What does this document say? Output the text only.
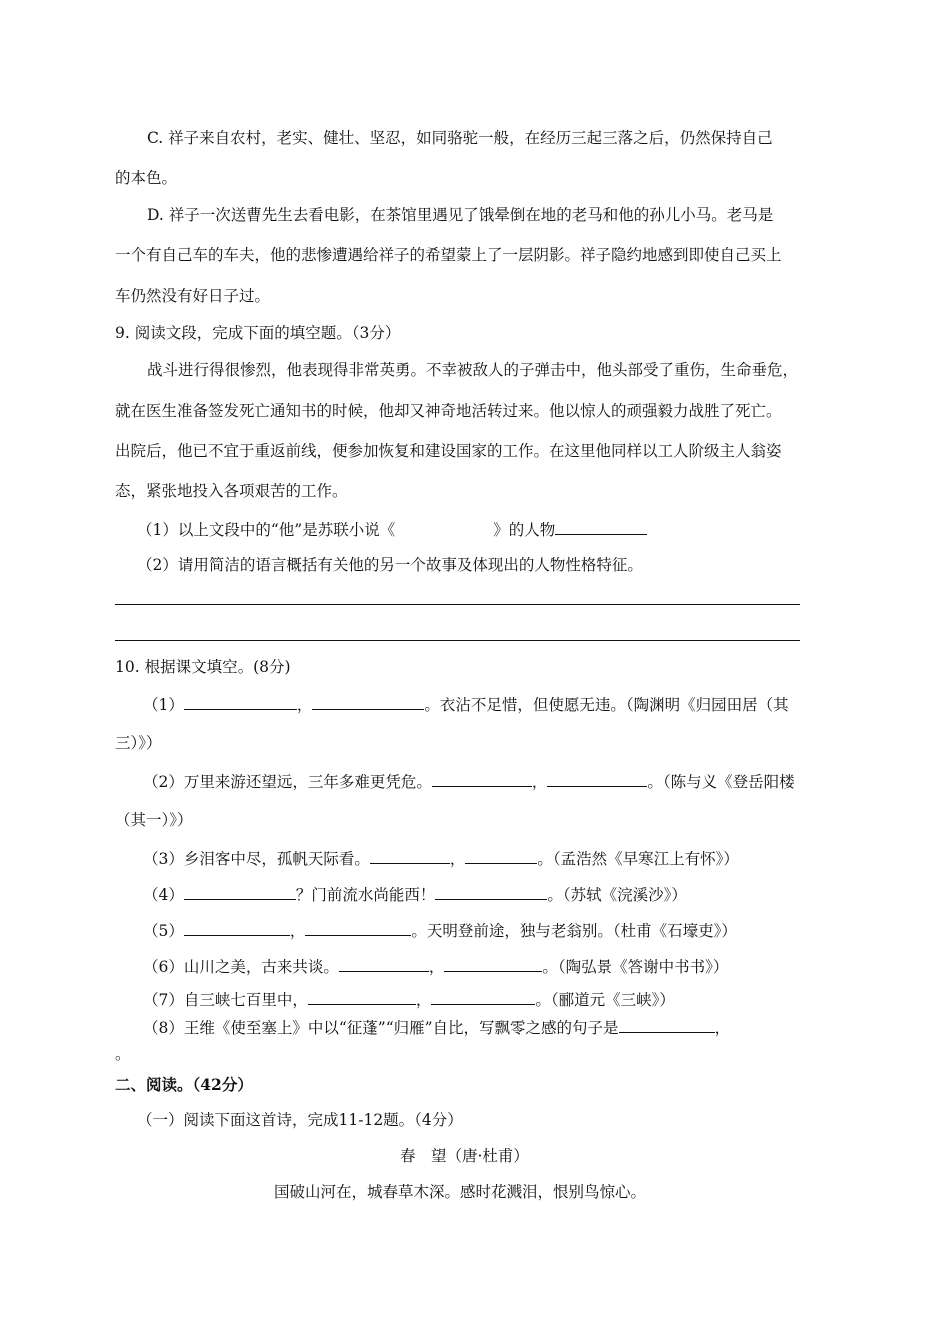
C. 祥子来自农村，老实、健壮、坚忍，如同骆驼一般，在经历三起三落之后，仍然保持自己
的本色。
D. 祥子一次送曹先生去看电影，在茶馆里遇见了饿晕倒在地的老马和他的孙儿小马。老马是
一个有自己车的车夫，他的悲惨遭遇给祥子的希望蒙上了一层阴影。祥子隐约地感到即使自己买上
车仍然没有好日子过。
9. 阅读文段，完成下面的填空题。（3分）
战斗进行得很惨烈，他表现得非常英勇。不幸被敌人的子弹击中，他头部受了重伤，生命垂危，
就在医生准备签发死亡通知书的时候，他却又神奇地活转过来。他以惊人的顽强毅力战胜了死亡。
出院后，他已不宜于重返前线，便参加恢复和建设国家的工作。在这里他同样以工人阶级主人翁姿
态，紧张地投入各项艰苦的工作。
（1）以上文段中的“他”是苏联小说《	》的人物
（2）请用简洁的语言概括有关他的另一个故事及体现出的人物性格特征。
10. 根据课文填空。(8分)
（1）	，	。衣沾不足惜，但使愿无违。（陶渊明《归园田居（其
三）》）
（2）万里来游还望远，三年多难更凭危。	，	。（陈与义《登岳阳楼
（其一）》）
（3）乡泪客中尽，孤帆天际看。	，	。（孟浩然《早寒江上有怀》）
（4）	？门前流水尚能西！	。（苏轼《浣溪沙》）
（5）	，	。天明登前途，独与老翁别。（杜甫《石壕吏》）
（6）山川之美，古来共谈。	，	。（陶弘景《答谢中书书》）
（7）自三峡七百里中，	，	。（郦道元《三峡》）
（8）王维《使至塞上》中以“征蓬”“归雁”自比，写飘零之感的句子是	，
。
二、阅读。（42分）
（一）阅读下面这首诗，完成11-12题。（4分）
春　望（唐·杜甫）
国破山河在，城春草木深。感时花溅泪，恨别鸟惊心。
